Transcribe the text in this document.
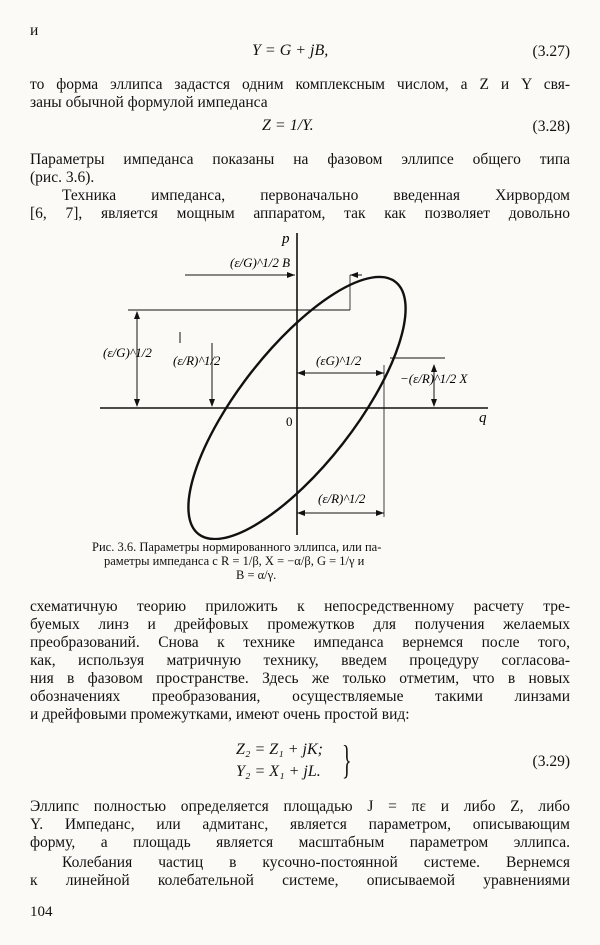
и
Y = G + jB,	(3.27)
то форма эллипса задастся одним комплексным числом, а Z и Y свя-
заны обычной формулой импеданса
Z = 1/Y.	(3.28)
Параметры импеданса показаны на фазовом эллипсе общего типа
(рис. 3.6).
Техника импеданса, первоначально введенная Хирвордом
[6, 7], является мощным аппаратом, так как позволяет довольно
p
q
0
(ε/G)^1/2 B
(ε/G)^1/2
(ε/R)^1/2	(εG)^1/2
−(ε/R)^1/2 X
(ε/R)^1/2
Рис. 3.6. Параметры нормированного эллипса, или па-
раметры импеданса с R = 1/β, X = −α/β, G = 1/γ и
B = α/γ.
схематичную теорию приложить к непосредственному расчету тре-
буемых линз и дрейфовых промежутков для получения желаемых
преобразований. Снова к технике импеданса вернемся после того,
как, используя матричную технику, введем процедуру согласова-
ния в фазовом пространстве. Здесь же только отметим, что в новых
обозначениях преобразования, осуществляемые такими линзами
и дрейфовыми промежутками, имеют очень простой вид:
Z₂ = Z₁ + jK;
Y₂ = X₁ + jL. }	(3.29)
Эллипс полностью определяется площадью J = πε и либо Z, либо
Y. Импеданс, или адмитанс, является параметром, описывающим
форму, а площадь является масштабным параметром эллипса.
Колебания частиц в кусочно-постоянной системе. Вернемся
к линейной колебательной системе, описываемой уравнениями
104
